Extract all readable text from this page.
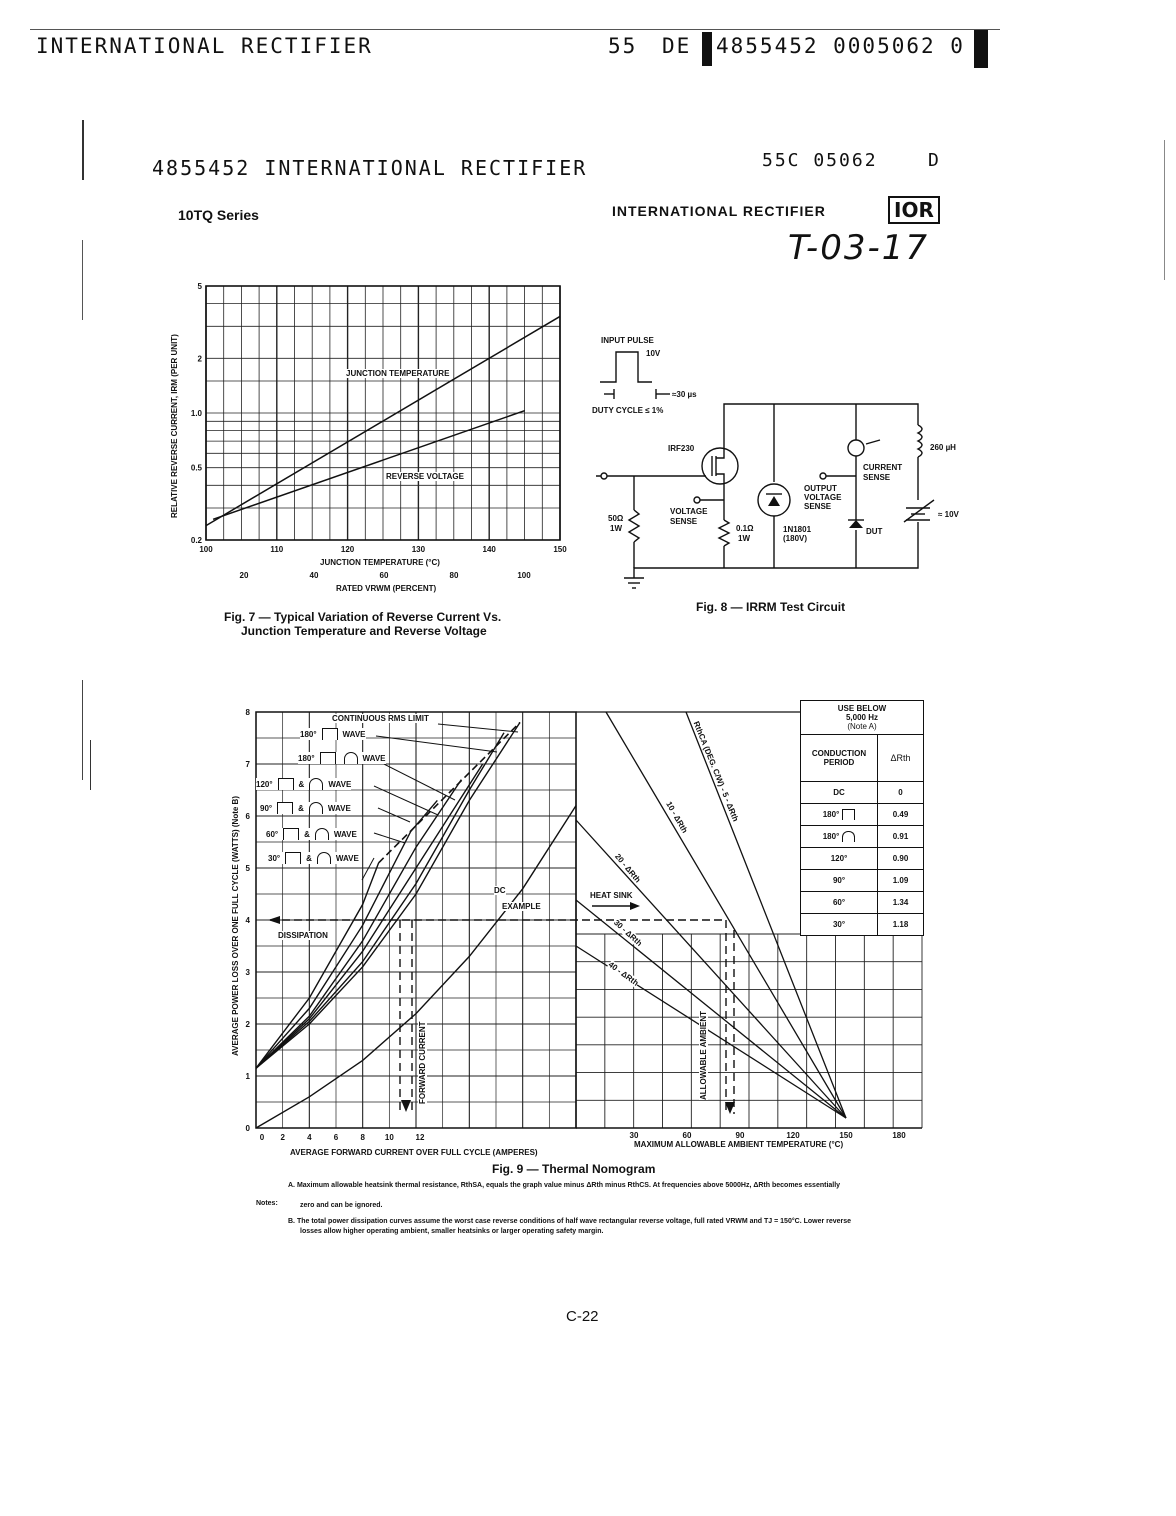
INTERNATIONAL RECTIFIER	55 DE 4855452 0005062 0
4855452 INTERNATIONAL RECTIFIER	55C 05062	D
10TQ Series	INTERNATIONAL RECTIFIER	IOR
T-03-17
0.2
0.5
1.0
2
5
100	110	120	130	140	150
20	40	60	80	100
RELATIVE REVERSE CURRENT, IRM (PER UNIT)
JUNCTION TEMPERATURE (°C)
RATED VRWM (PERCENT)
JUNCTION TEMPERATURE
REVERSE VOLTAGE
Fig. 7 — Typical Variation of Reverse Current Vs.
Junction Temperature and Reverse Voltage
INPUT PULSE
10V
≈30 µs
DUTY CYCLE ≤ 1%
IRF230	260 µH
CURRENT
SENSE
OUTPUT
VOLTAGE
SENSE
VOLTAGE
SENSE
50Ω
1W	0.1Ω
1W
1N1801
(180V)
DUT
≈ 10V
Fig. 8 — IRRM Test Circuit
0
1
2
3
4
5
6
7
8
0 2	4	6	8 10	12	30	60	90	120	150	180
AVERAGE POWER LOSS OVER ONE FULL CYCLE (WATTS) (Note B)
AVERAGE FORWARD CURRENT OVER FULL CYCLE (AMPERES)
MAXIMUM ALLOWABLE AMBIENT TEMPERATURE (°C)
CONTINUOUS RMS LIMIT
DC
EXAMPLE
HEAT SINK
DISSIPATION
FORWARD CURRENT	ALLOWABLE AMBIENT
RthCA (DEG. C/W) - 5 - ΔRth
10 - ΔRth
20 - ΔRth
30 - ΔRth
40 - ΔRth
180°	WAVE
180°	WAVE
120°	&	WAVE
90°	&	WAVE
60°	&	WAVE
30°	&	WAVE
USE BELOW
5,000 Hz
(Note A)
CONDUCTION PERIOD	ΔRth
DC	0
180°	0.49
180°	0.91
120°	0.90
90°	1.09
60°	1.34
30°	1.18
Fig. 9 — Thermal Nomogram
Notes:
A. Maximum allowable heatsink thermal resistance, RthSA, equals the graph value minus ΔRth minus RthCS. At frequencies above 5000Hz, ΔRth becomes essentially
zero and can be ignored.
B. The total power dissipation curves assume the worst case reverse conditions of half wave rectangular reverse voltage, full rated VRWM and TJ = 150°C. Lower reverse
losses allow higher operating ambient, smaller heatsinks or larger operating safety margin.
C-22
